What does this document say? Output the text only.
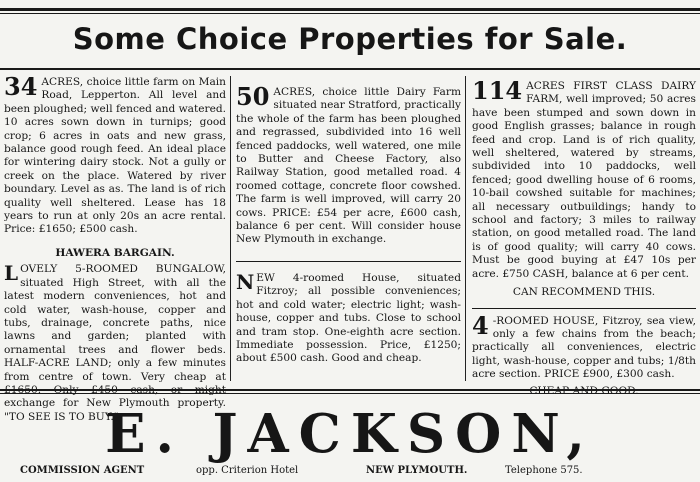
Some Choice Properties for Sale.

34 ACRES, choice little farm on Main Road, Lepperton. All level and been ploughed; well fenced and watered. 10 acres sown down in turnips; good crop; 6 acres in oats and new grass, balance good rough feed. An ideal place for wintering dairy stock. Not a gully or creek on the place. Watered by river boundary. Level as as. The land is of rich quality well sheltered. Lease has 18 years to run at only 20s an acre rental. Price: £1650; £500 cash.

HAWERA BARGAIN.

LOVELY 5-ROOMED BUNGALOW, situated High Street, with all the latest modern conveniences, hot and cold water, wash-house, copper and tubs, drainage, concrete paths, nice lawns and garden; planted with ornamental trees and flower beds. HALF-ACRE LAND; only a few minutes from centre of town. Very cheap at exchange for New Plymouth property. "TO SEE IS TO BUY."

50 ACRES, choice little Dairy Farm situated near Stratford, practically the whole of the farm has been ploughed and regrassed, subdivided into 16 well fenced paddocks, well watered, one mile to Butter and Cheese Factory, also Railway Station, good metalled road. 4 roomed cottage, concrete floor cowshed. The farm is well improved, will carry 20 cows. PRICE: £54 per acre, £600 cash, balance 6 per cent. Will consider house New Plymouth in exchange.

NEW 4-roomed House, situated Fitzroy; all possible conveniences; hot and cold water; electric light; wash-house, copper and tubs. Close to school and tram stop. One-eighth acre section. Immediate possession. Price, £1250; about £500 cash. Good and cheap.

114 ACRES FIRST CLASS DAIRY FARM, well improved; 50 acres have been stumped and sown down in good English grasses; balance in rough feed and crop. Land is of rich quality, well sheltered, watered by streams, subdivided into 10 paddocks, well fenced; good dwelling house of 6 rooms, 10-bail cowshed suitable for machines; all necessary outbuildings; handy to school and factory; 3 miles to railway station, on good metalled road. The land is of good quality; will carry 40 cows. Must be good buying at £47 10s per acre. £750 CASH, balance at 6 per cent.

CAN RECOMMEND THIS.

4 -ROOMED HOUSE, Fitzroy, sea view, only a few chains from the beach; practically all conveniences, electric light, wash-house, copper and tubs; 1/8th acre section. PRICE £900, £300 cash.

E. JACKSON,
COMMISSION AGENT	opp. Criterion Hotel	NEW PLYMOUTH.	Telephone 575.
